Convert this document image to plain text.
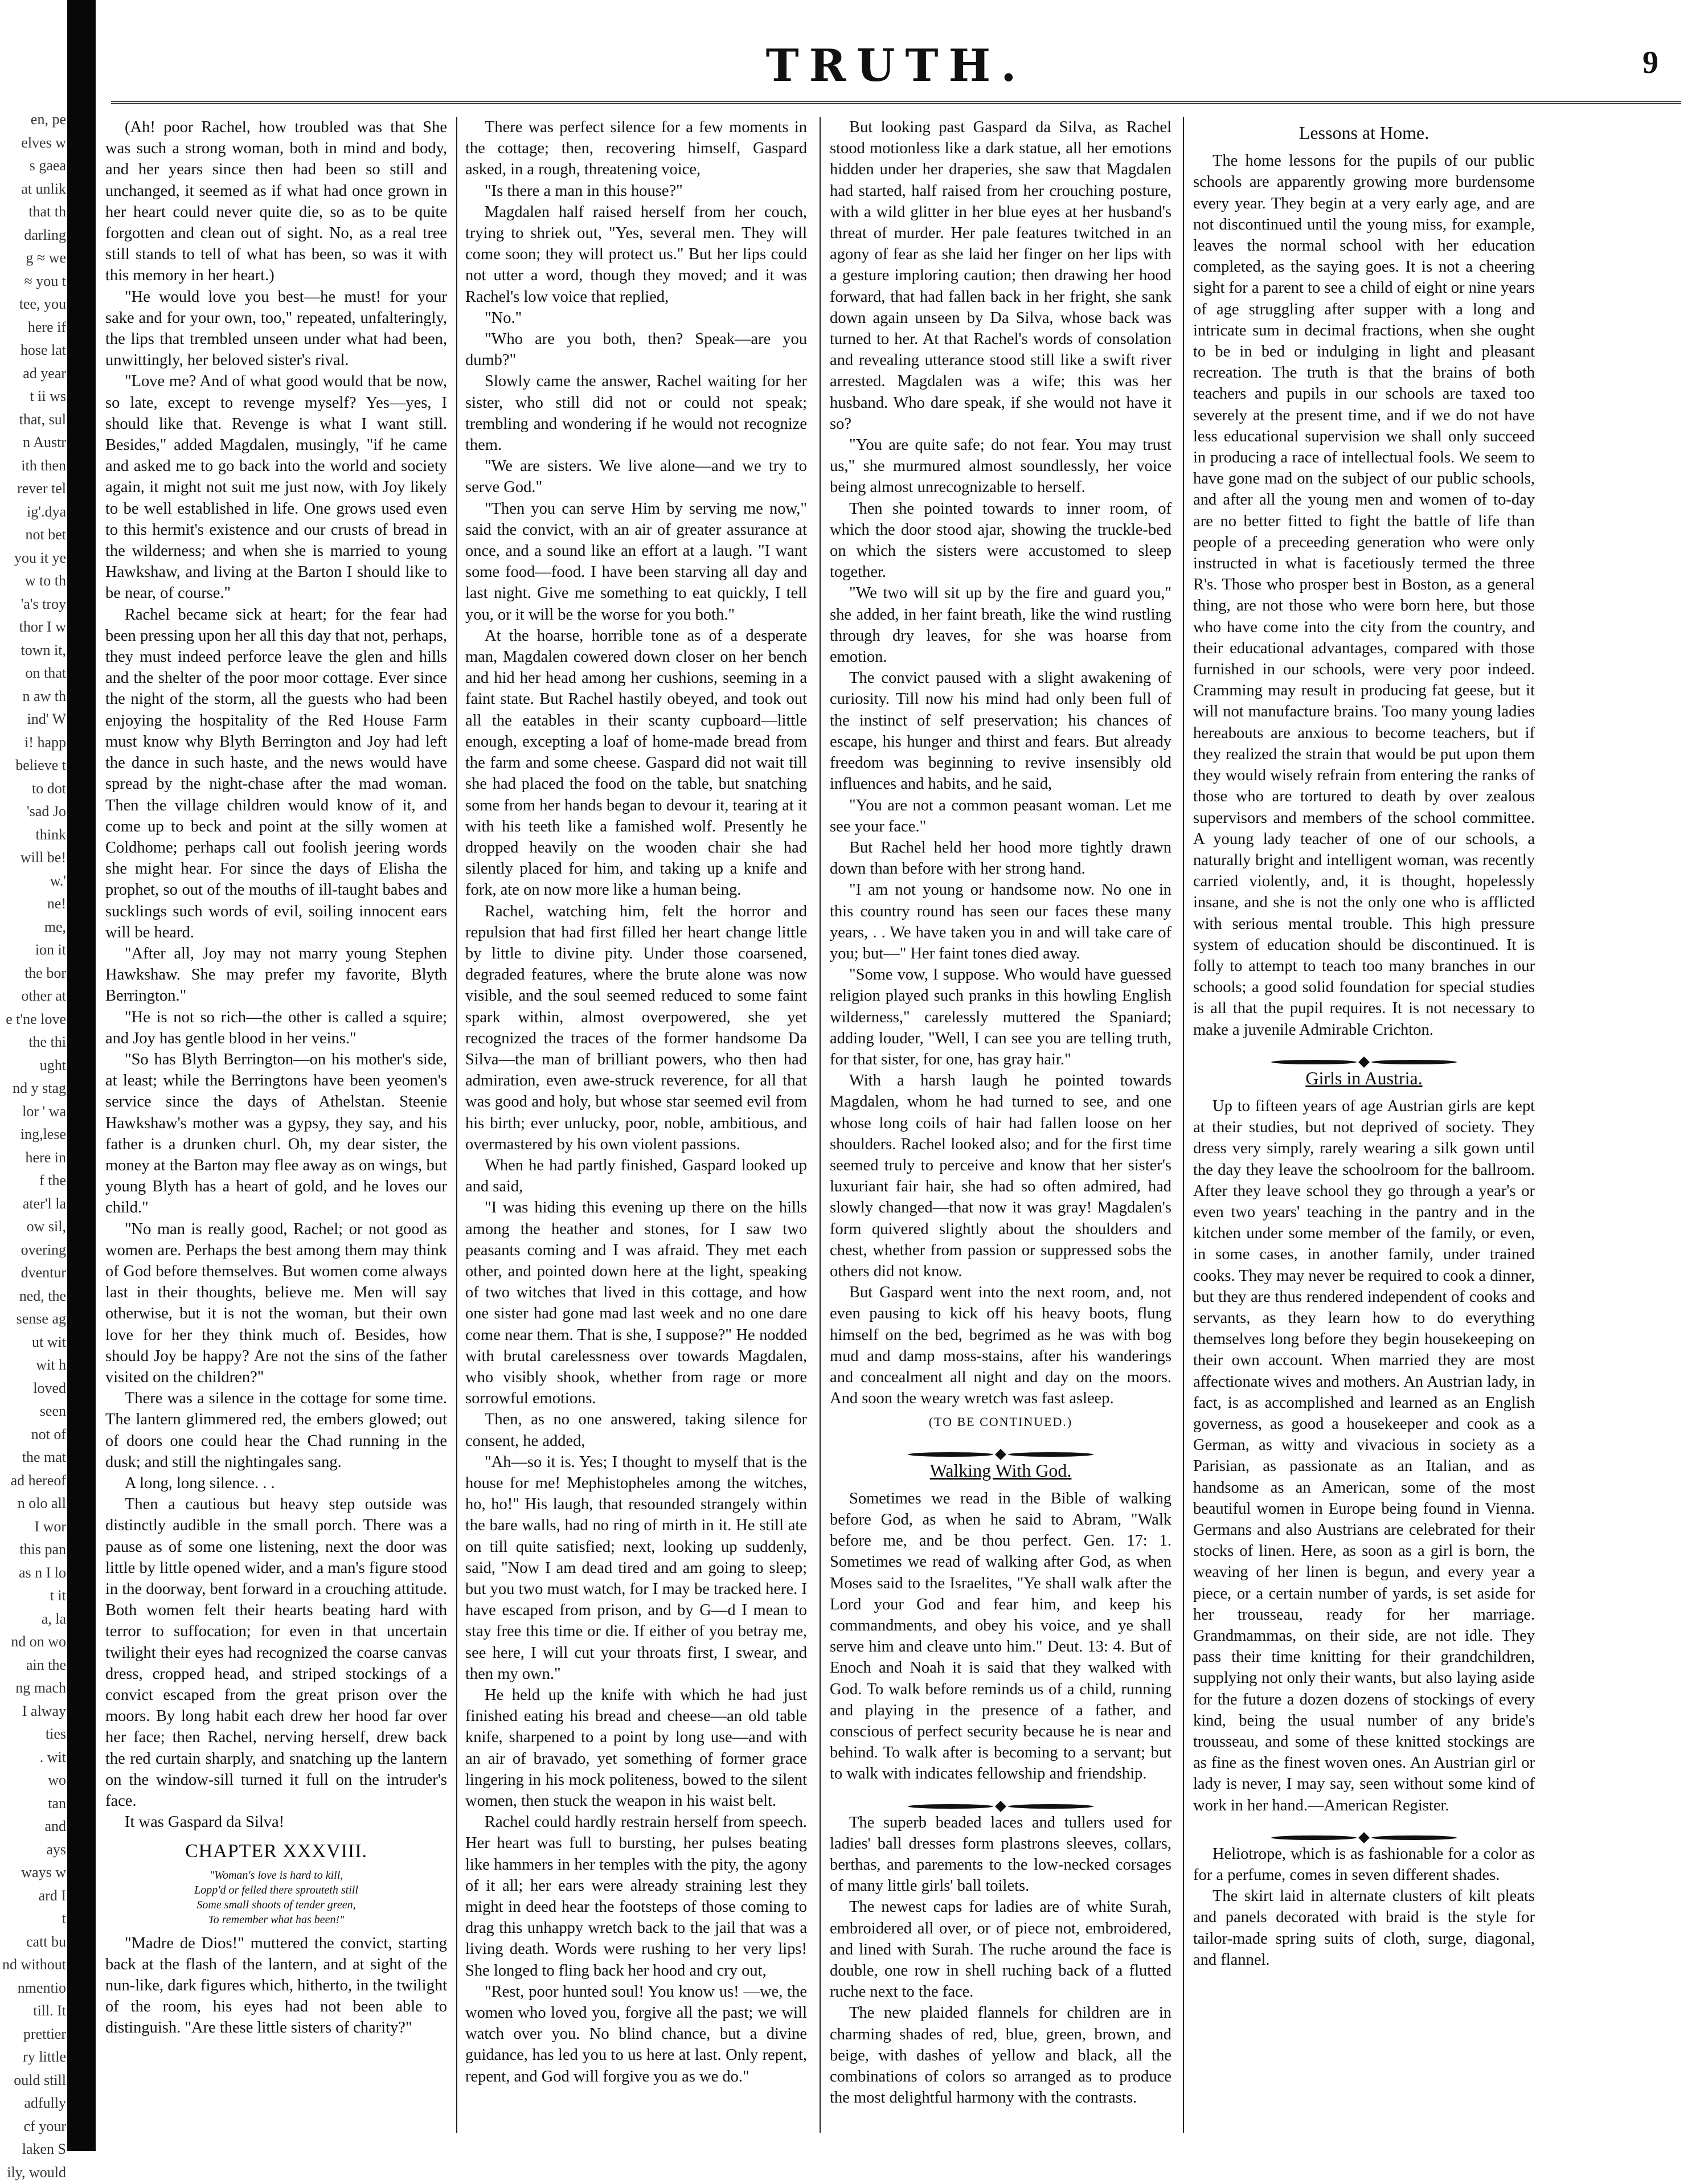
en, pe
elves w
s gaea
at unlik
that th
darling
g ≈ we
≈ you t
tee, you
here if
hose lat
ad year
t ii ws
that, sul
n Austr
ith then
rever tel
ig'.dya
not bet
you it ye
w to th
'a's troy
thor I w
town it,
on that
n aw th
ind' W
i! happ
believe t
to dot
'sad Jo
think
will be!
w.'
ne!
me,
ion it
the bor
other at
e t'ne love
the thi
ught
nd y stag
lor ' wa
ing,lese
here in
f the
ater'l la
ow sil,
overing
dventur
ned, the
sense ag
ut wit
wit h
loved
seen
not of
the mat
ad hereof
n olo all
I wor
this pan
as n I lo
t it
a, la
nd on wo
ain the
ng mach
I alway
ties
. wit
wo
tan
and
ays
ways w
ard I
t
catt bu
nd without
nmentio
till. It
prettier
ry little
ould still
adfully
cf your
laken S
ily, would
TRUTH.	9

(Ah! poor Rachel, how troubled was that She was such a strong woman, both in mind and body, and her years since then had been so still and unchanged, it seemed as if what had once grown in her heart could never quite die, so as to be quite forgotten and clean out of sight. No, as a real tree still stands to tell of what has been, so was it with this memory in her heart.)

"He would love you best—he must! for your sake and for your own, too," repeated, unfalteringly, the lips that trembled unseen under what had been, unwittingly, her beloved sister's rival.

"Love me? And of what good would that be now, so late, except to revenge myself? Yes—yes, I should like that. Revenge is what I want still. Besides," added Magdalen, musingly, "if he came and asked me to go back into the world and society again, it might not suit me just now, with Joy likely to be well established in life. One grows used even to this hermit's existence and our crusts of bread in the wilderness; and when she is married to young Hawkshaw, and living at the Barton I should like to be near, of course."

Rachel became sick at heart; for the fear had been pressing upon her all this day that not, perhaps, they must indeed perforce leave the glen and hills and the shelter of the poor moor cottage. Ever since the night of the storm, all the guests who had been enjoying the hospitality of the Red House Farm must know why Blyth Berrington and Joy had left the dance in such haste, and the news would have spread by the night-chase after the mad woman. Then the village children would know of it, and come up to beck and point at the silly women at Coldhome; perhaps call out foolish jeering words she might hear. For since the days of Elisha the prophet, so out of the mouths of ill-taught babes and sucklings such words of evil, soiling innocent ears will be heard.

"After all, Joy may not marry young Stephen Hawkshaw. She may prefer my favorite, Blyth Berrington."

"He is not so rich—the other is called a squire; and Joy has gentle blood in her veins."

"So has Blyth Berrington—on his mother's side, at least; while the Berringtons have been yeomen's service since the days of Athelstan. Steenie Hawkshaw's mother was a gypsy, they say, and his father is a drunken churl. Oh, my dear sister, the money at the Barton may flee away as on wings, but young Blyth has a heart of gold, and he loves our child."

"No man is really good, Rachel; or not good as women are. Perhaps the best among them may think of God before themselves. But women come always last in their thoughts, believe me. Men will say otherwise, but it is not the woman, but their own love for her they think much of. Besides, how should Joy be happy? Are not the sins of the father visited on the children?"

There was a silence in the cottage for some time. The lantern glimmered red, the embers glowed; out of doors one could hear the Chad running in the dusk; and still the nightingales sang.

A long, long silence. . .

Then a cautious but heavy step outside was distinctly audible in the small porch. There was a pause as of some one listening, next the door was little by little opened wider, and a man's figure stood in the doorway, bent forward in a crouching attitude. Both women felt their hearts beating hard with terror to suffocation; for even in that uncertain twilight their eyes had recognized the coarse canvas dress, cropped head, and striped stockings of a convict escaped from the great prison over the moors. By long habit each drew her hood far over her face; then Rachel, nerving herself, drew back the red curtain sharply, and snatching up the lantern on the window-sill turned it full on the intruder's face.

It was Gaspard da Silva!

CHAPTER XXXVIII.
"Woman's love is hard to kill,
Lopp'd or felled there sprouteth still
Some small shoots of tender green,
To remember what has been!"

"Madre de Dios!" muttered the convict, starting back at the flash of the lantern, and at sight of the nun-like, dark figures which, hitherto, in the twilight of the room, his eyes had not been able to distinguish. "Are these little sisters of charity?"

There was perfect silence for a few moments in the cottage; then, recovering himself, Gaspard asked, in a rough, threatening voice,

"Is there a man in this house?"

Magdalen half raised herself from her couch, trying to shriek out, "Yes, several men. They will come soon; they will protect us." But her lips could not utter a word, though they moved; and it was Rachel's low voice that replied,

"No."

"Who are you both, then? Speak—are you dumb?"

Slowly came the answer, Rachel waiting for her sister, who still did not or could not speak; trembling and wondering if he would not recognize them.

"We are sisters. We live alone—and we try to serve God."

"Then you can serve Him by serving me now," said the convict, with an air of greater assurance at once, and a sound like an effort at a laugh. "I want some food—food. I have been starving all day and last night. Give me something to eat quickly, I tell you, or it will be the worse for you both."

At the hoarse, horrible tone as of a desperate man, Magdalen cowered down closer on her bench and hid her head among her cushions, seeming in a faint state. But Rachel hastily obeyed, and took out all the eatables in their scanty cupboard—little enough, excepting a loaf of home-made bread from the farm and some cheese. Gaspard did not wait till she had placed the food on the table, but snatching some from her hands began to devour it, tearing at it with his teeth like a famished wolf. Presently he dropped heavily on the wooden chair she had silently placed for him, and taking up a knife and fork, ate on now more like a human being.

Rachel, watching him, felt the horror and repulsion that had first filled her heart change little by little to divine pity. Under those coarsened, degraded features, where the brute alone was now visible, and the soul seemed reduced to some faint spark within, almost overpowered, she yet recognized the traces of the former handsome Da Silva—the man of brilliant powers, who then had admiration, even awe-struck reverence, for all that was good and holy, but whose star seemed evil from his birth; ever unlucky, poor, noble, ambitious, and overmastered by his own violent passions.

When he had partly finished, Gaspard looked up and said,

"I was hiding this evening up there on the hills among the heather and stones, for I saw two peasants coming and I was afraid. They met each other, and pointed down here at the light, speaking of two witches that lived in this cottage, and how one sister had gone mad last week and no one dare come near them. That is she, I suppose?" He nodded with brutal carelessness over towards Magdalen, who visibly shook, whether from rage or more sorrowful emotions.

Then, as no one answered, taking silence for consent, he added,

"Ah—so it is. Yes; I thought to myself that is the house for me! Mephistopheles among the witches, ho, ho!" His laugh, that resounded strangely within the bare walls, had no ring of mirth in it. He still ate on till quite satisfied; next, looking up suddenly, said, "Now I am dead tired and am going to sleep; but you two must watch, for I may be tracked here. I have escaped from prison, and by G—d I mean to stay free this time or die. If either of you betray me, see here, I will cut your throats first, I swear, and then my own."

He held up the knife with which he had just finished eating his bread and cheese—an old table knife, sharpened to a point by long use—and with an air of bravado, yet something of former grace lingering in his mock politeness, bowed to the silent women, then stuck the weapon in his waist belt.

Rachel could hardly restrain herself from speech. Her heart was full to bursting, her pulses beating like hammers in her temples with the pity, the agony of it all; her ears were already straining lest they might in deed hear the footsteps of those coming to drag this unhappy wretch back to the jail that was a living death. Words were rushing to her very lips! She longed to fling back her hood and cry out,

"Rest, poor hunted soul! You know us! —we, the women who loved you, forgive all the past; we will watch over you. No blind chance, but a divine guidance, has led you to us here at last. Only repent, repent, and God will forgive you as we do."

But looking past Gaspard da Silva, as Rachel stood motionless like a dark statue, all her emotions hidden under her draperies, she saw that Magdalen had started, half raised from her crouching posture, with a wild glitter in her blue eyes at her husband's threat of murder. Her pale features twitched in an agony of fear as she laid her finger on her lips with a gesture imploring caution; then drawing her hood forward, that had fallen back in her fright, she sank down again unseen by Da Silva, whose back was turned to her. At that Rachel's words of consolation and revealing utterance stood still like a swift river arrested. Magdalen was a wife; this was her husband. Who dare speak, if she would not have it so?

"You are quite safe; do not fear. You may trust us," she murmured almost soundlessly, her voice being almost unrecognizable to herself.

Then she pointed towards to inner room, of which the door stood ajar, showing the truckle-bed on which the sisters were accustomed to sleep together.

"We two will sit up by the fire and guard you," she added, in her faint breath, like the wind rustling through dry leaves, for she was hoarse from emotion.

The convict paused with a slight awakening of curiosity. Till now his mind had only been full of the instinct of self preservation; his chances of escape, his hunger and thirst and fears. But already freedom was beginning to revive insensibly old influences and habits, and he said,

"You are not a common peasant woman. Let me see your face."

But Rachel held her hood more tightly drawn down than before with her strong hand.

"I am not young or handsome now. No one in this country round has seen our faces these many years, . . We have taken you in and will take care of you; but—" Her faint tones died away.

"Some vow, I suppose. Who would have guessed religion played such pranks in this howling English wilderness," carelessly muttered the Spaniard; adding louder, "Well, I can see you are telling truth, for that sister, for one, has gray hair."

With a harsh laugh he pointed towards Magdalen, whom he had turned to see, and one whose long coils of hair had fallen loose on her shoulders. Rachel looked also; and for the first time seemed truly to perceive and know that her sister's luxuriant fair hair, she had so often admired, had slowly changed—that now it was gray! Magdalen's form quivered slightly about the shoulders and chest, whether from passion or suppressed sobs the others did not know.

But Gaspard went into the next room, and, not even pausing to kick off his heavy boots, flung himself on the bed, begrimed as he was with bog mud and damp moss-stains, after his wanderings and concealment all night and day on the moors. And soon the weary wretch was fast asleep.

(TO BE CONTINUED.)
Walking With God.

Sometimes we read in the Bible of walking before God, as when he said to Abram, "Walk before me, and be thou perfect. Gen. 17: 1. Sometimes we read of walking after God, as when Moses said to the Israelites, "Ye shall walk after the Lord your God and fear him, and keep his commandments, and obey his voice, and ye shall serve him and cleave unto him." Deut. 13: 4. But of Enoch and Noah it is said that they walked with God. To walk before reminds us of a child, running and playing in the presence of a father, and conscious of perfect security because he is near and behind. To walk after is becoming to a servant; but to walk with indicates fellowship and friendship.

The superb beaded laces and tullers used for ladies' ball dresses form plastrons sleeves, collars, berthas, and parements to the low-necked corsages of many little girls' ball toilets.

The newest caps for ladies are of white Surah, embroidered all over, or of piece not, embroidered, and lined with Surah. The ruche around the face is double, one row in shell ruching back of a flutted ruche next to the face.

The new plaided flannels for children are in charming shades of red, blue, green, brown, and beige, with dashes of yellow and black, all the combinations of colors so arranged as to produce the most delightful harmony with the contrasts.

Lessons at Home.

The home lessons for the pupils of our public schools are apparently growing more burdensome every year. They begin at a very early age, and are not discontinued until the young miss, for example, leaves the normal school with her education completed, as the saying goes. It is not a cheering sight for a parent to see a child of eight or nine years of age struggling after supper with a long and intricate sum in decimal fractions, when she ought to be in bed or indulging in light and pleasant recreation. The truth is that the brains of both teachers and pupils in our schools are taxed too severely at the present time, and if we do not have less educational supervision we shall only succeed in producing a race of intellectual fools. We seem to have gone mad on the subject of our public schools, and after all the young men and women of to-day are no better fitted to fight the battle of life than people of a preceeding generation who were only instructed in what is facetiously termed the three R's. Those who prosper best in Boston, as a general thing, are not those who were born here, but those who have come into the city from the country, and their educational advantages, compared with those furnished in our schools, were very poor indeed. Cramming may result in producing fat geese, but it will not manufacture brains. Too many young ladies hereabouts are anxious to become teachers, but if they realized the strain that would be put upon them they would wisely refrain from entering the ranks of those who are tortured to death by over zealous supervisors and members of the school committee. A young lady teacher of one of our schools, a naturally bright and intelligent woman, was recently carried violently, and, it is thought, hopelessly insane, and she is not the only one who is afflicted with serious mental trouble. This high pressure system of education should be discontinued. It is folly to attempt to teach too many branches in our schools; a good solid foundation for special studies is all that the pupil requires. It is not necessary to make a juvenile Admirable Crichton.

Girls in Austria.

Up to fifteen years of age Austrian girls are kept at their studies, but not deprived of society. They dress very simply, rarely wearing a silk gown until the day they leave the schoolroom for the ballroom. After they leave school they go through a year's or even two years' teaching in the pantry and in the kitchen under some member of the family, or even, in some cases, in another family, under trained cooks. They may never be required to cook a dinner, but they are thus rendered independent of cooks and servants, as they learn how to do everything themselves long before they begin housekeeping on their own account. When married they are most affectionate wives and mothers. An Austrian lady, in fact, is as accomplished and learned as an English governess, as good a housekeeper and cook as a German, as witty and vivacious in society as a Parisian, as passionate as an Italian, and as handsome as an American, some of the most beautiful women in Europe being found in Vienna. Germans and also Austrians are celebrated for their stocks of linen. Here, as soon as a girl is born, the weaving of her linen is begun, and every year a piece, or a certain number of yards, is set aside for her trousseau, ready for her marriage. Grandmammas, on their side, are not idle. They pass their time knitting for their grandchildren, supplying not only their wants, but also laying aside for the future a dozen dozens of stockings of every kind, being the usual number of any bride's trousseau, and some of these knitted stockings are as fine as the finest woven ones. An Austrian girl or lady is never, I may say, seen without some kind of work in her hand.—American Register.

Heliotrope, which is as fashionable for a color as for a perfume, comes in seven different shades.

The skirt laid in alternate clusters of kilt pleats and panels decorated with braid is the style for tailor-made spring suits of cloth, surge, diagonal, and flannel.
